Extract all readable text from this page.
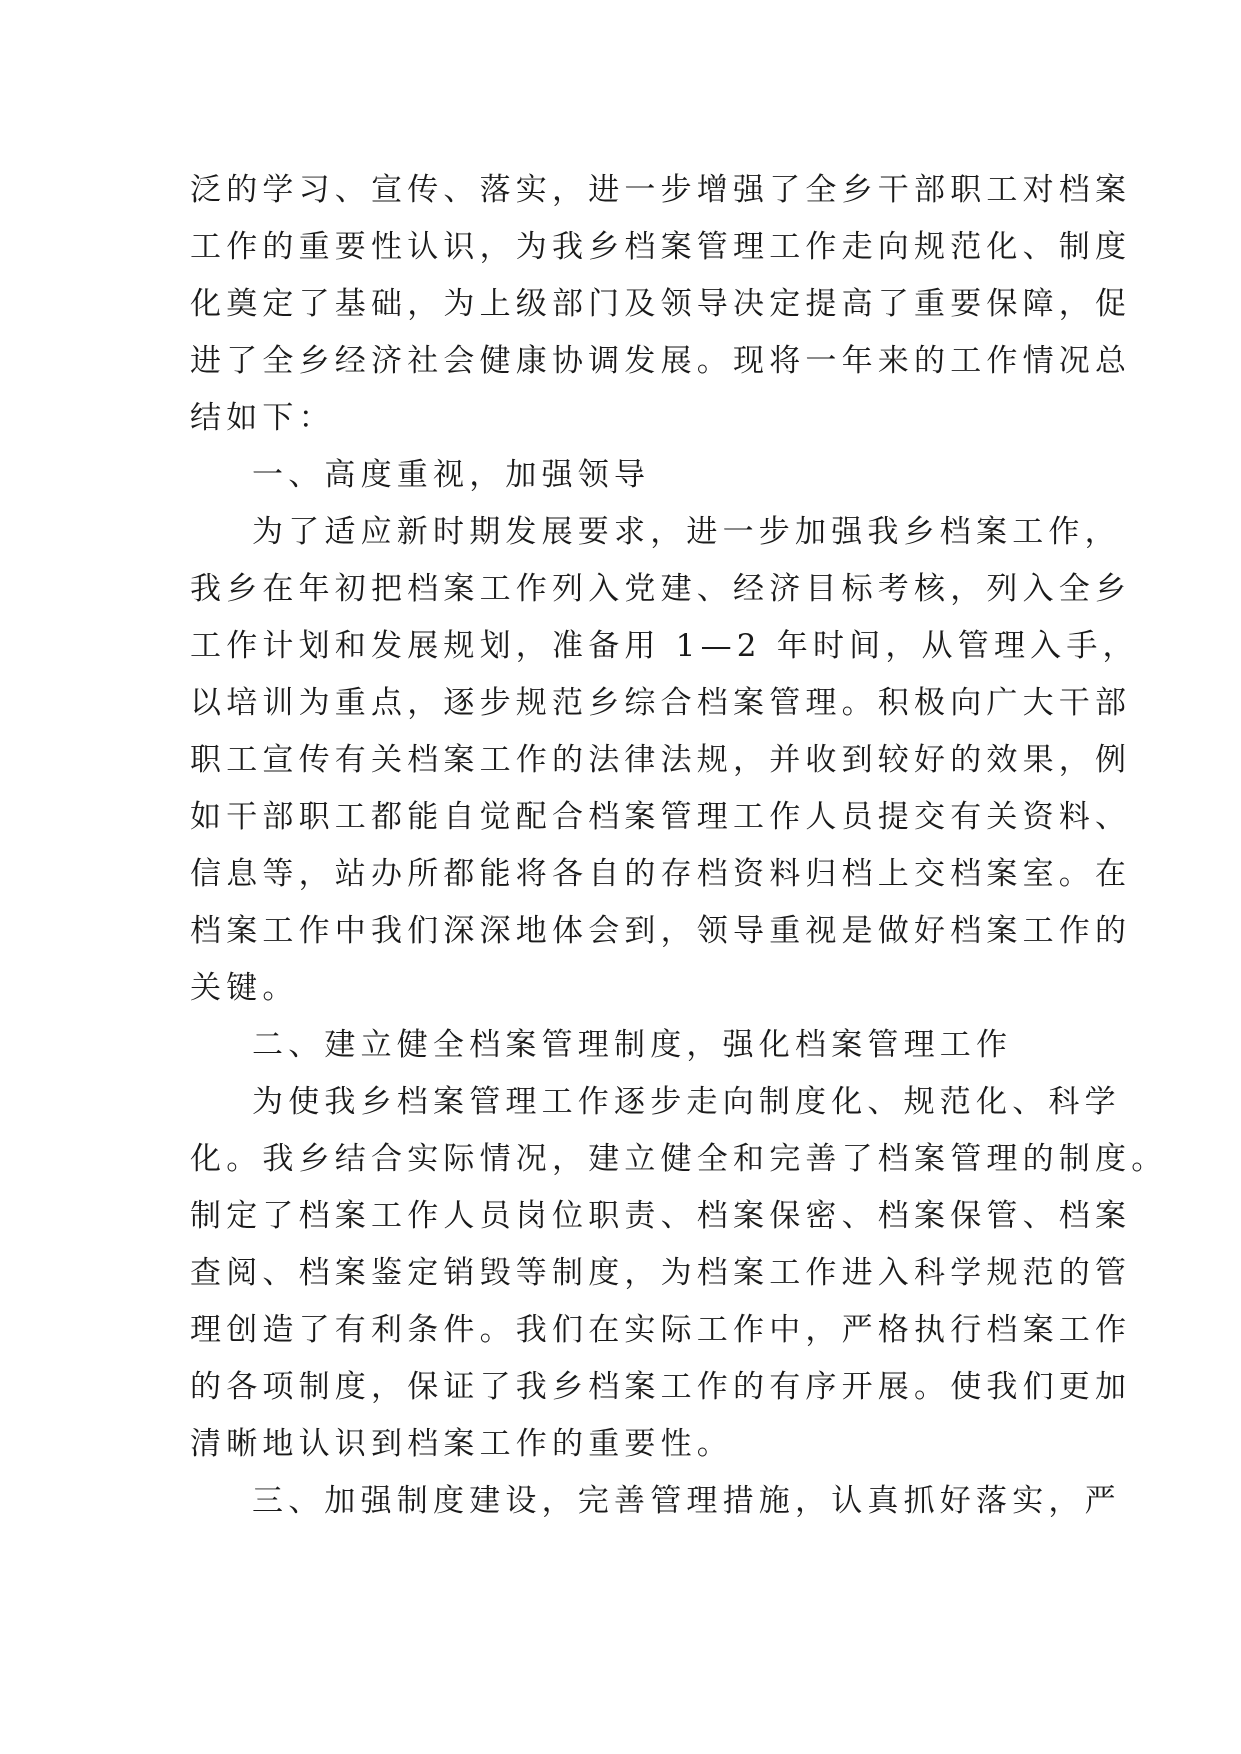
泛的学习、宣传、落实，进一步增强了全乡干部职工对档案
工作的重要性认识，为我乡档案管理工作走向规范化、制度
化奠定了基础，为上级部门及领导决定提高了重要保障，促
进了全乡经济社会健康协调发展。现将一年来的工作情况总
结如下：
一、高度重视，加强领导
为了适应新时期发展要求，进一步加强我乡档案工作，
我乡在年初把档案工作列入党建、经济目标考核，列入全乡
工作计划和发展规划，准备用 1—2 年时间，从管理入手，
以培训为重点，逐步规范乡综合档案管理。积极向广大干部
职工宣传有关档案工作的法律法规，并收到较好的效果，例
如干部职工都能自觉配合档案管理工作人员提交有关资料、
信息等，站办所都能将各自的存档资料归档上交档案室。在
档案工作中我们深深地体会到，领导重视是做好档案工作的
关键。
二、建立健全档案管理制度，强化档案管理工作
为使我乡档案管理工作逐步走向制度化、规范化、科学
化。我乡结合实际情况，建立健全和完善了档案管理的制度。
制定了档案工作人员岗位职责、档案保密、档案保管、档案
查阅、档案鉴定销毁等制度，为档案工作进入科学规范的管
理创造了有利条件。我们在实际工作中，严格执行档案工作
的各项制度，保证了我乡档案工作的有序开展。使我们更加
清晰地认识到档案工作的重要性。
三、加强制度建设，完善管理措施，认真抓好落实，严
